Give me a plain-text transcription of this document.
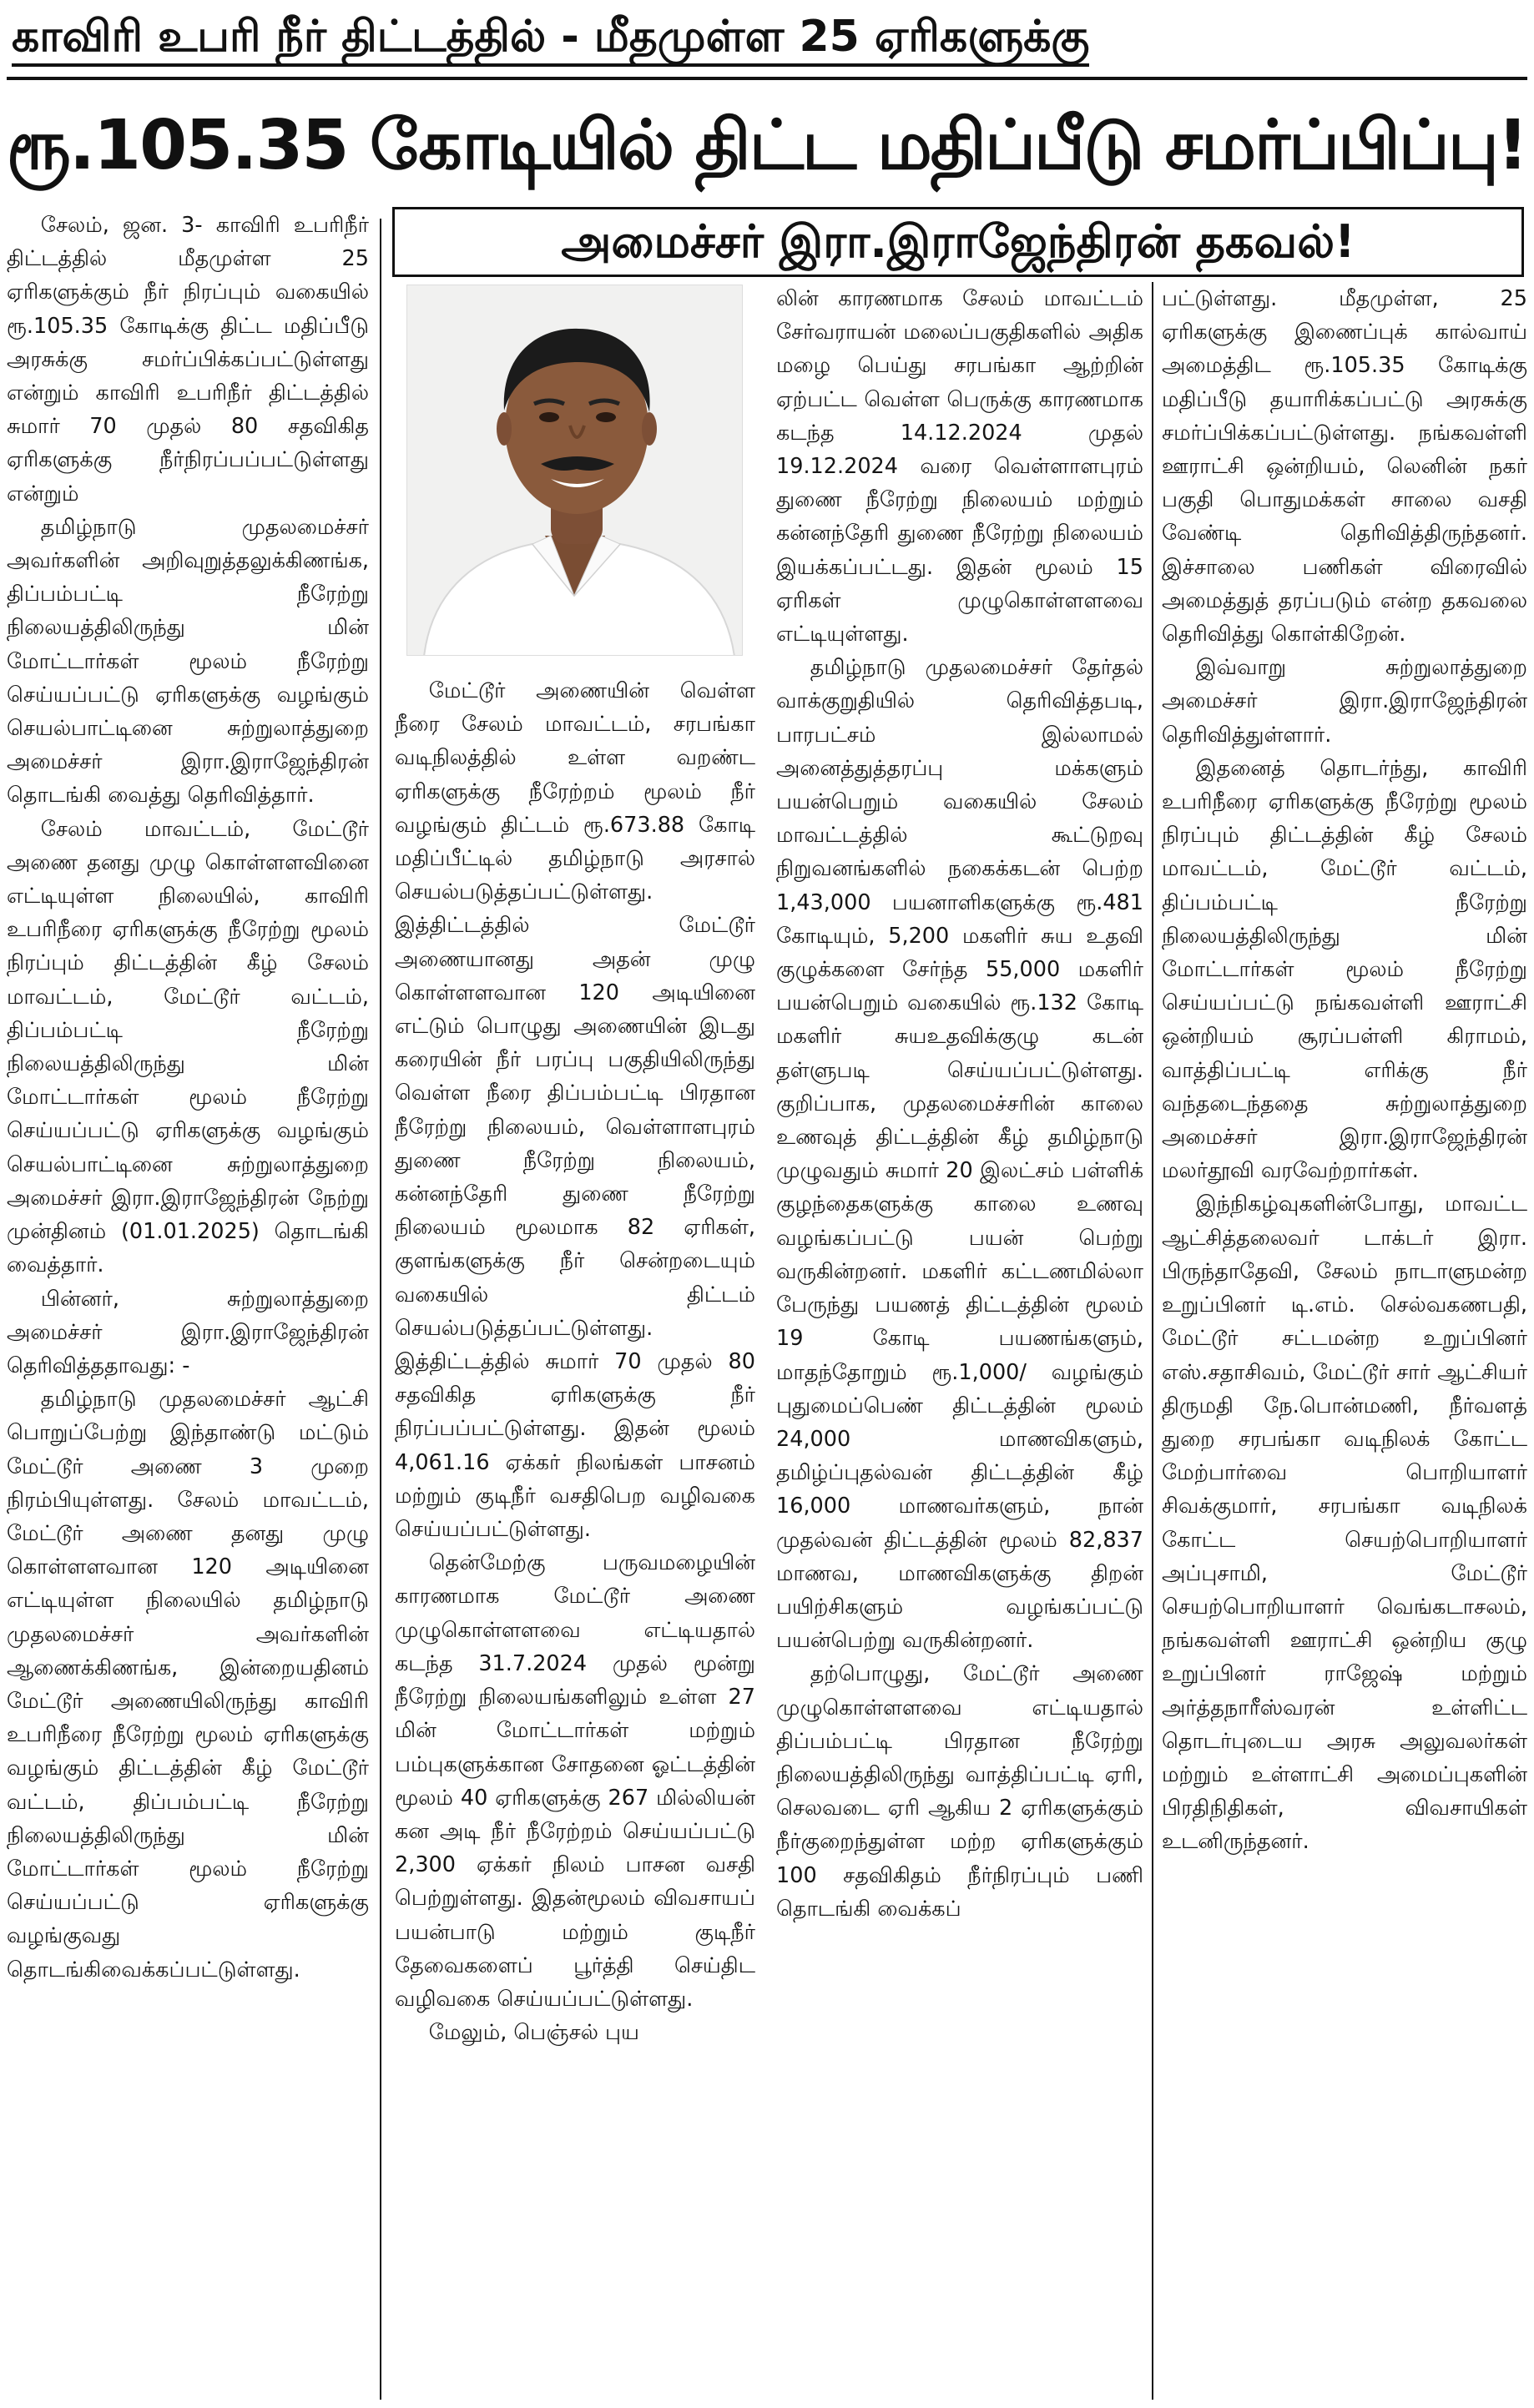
காவிரி உபரி நீர் திட்டத்தில் - மீதமுள்ள 25 ஏரிகளுக்கு
ரூ.105.35 கோடியில் திட்ட மதிப்பீடு சமர்ப்பிப்பு!
அமைச்சர் இரா.இராஜேந்திரன் தகவல்!

சேலம், ஜன. 3- காவிரி உபரிநீர் திட்டத்தில் மீதமுள்ள 25 ஏரிகளுக்கும் நீர் நிரப்பும் வகையில் ரூ.105.35 கோடிக்கு திட்ட மதிப்பீடு அரசுக்கு சமர்ப்பிக்கப்பட்டுள்ளது என்றும் காவிரி உபரிநீர் திட்டத்தில் சுமார் 70 முதல் 80 சதவிகித ஏரிகளுக்கு நீர்நிரப்பப்பட்டுள்ளது என்றும்

தமிழ்நாடு முதலமைச்சர் அவர்களின் அறிவுறுத்தலுக்கிணங்க, திப்பம்பட்டி நீரேற்று நிலையத்திலிருந்து மின் மோட்டார்கள் மூலம் நீரேற்று செய்யப்பட்டு ஏரிகளுக்கு வழங்கும் செயல்பாட்டினை சுற்றுலாத்துறை அமைச்சர் இரா.இராஜேந்திரன் தொடங்கி வைத்து தெரிவித்தார்.

சேலம் மாவட்டம், மேட்டூர் அணை தனது முழு கொள்ளளவினை எட்டியுள்ள நிலையில், காவிரி உபரிநீரை ஏரிகளுக்கு நீரேற்று மூலம் நிரப்பும் திட்டத்தின் கீழ் சேலம் மாவட்டம், மேட்டூர் வட்டம், திப்பம்பட்டி நீரேற்று நிலையத்திலிருந்து மின் மோட்டார்கள் மூலம் நீரேற்று செய்யப்பட்டு ஏரிகளுக்கு வழங்கும் செயல்பாட்டினை சுற்றுலாத்துறை அமைச்சர் இரா.இராஜேந்திரன் நேற்று முன்தினம் (01.01.2025) தொடங்கி வைத்தார்.

பின்னர், சுற்றுலாத்துறை அமைச்சர் இரா.இராஜேந்திரன் தெரிவித்ததாவது: -

தமிழ்நாடு முதலமைச்சர் ஆட்சி பொறுப்பேற்று இந்தாண்டு மட்டும் மேட்டூர் அணை 3 முறை நிரம்பியுள்ளது. சேலம் மாவட்டம், மேட்டூர் அணை தனது முழு கொள்ளளவான 120 அடியினை எட்டியுள்ள நிலையில் தமிழ்நாடு முதலமைச்சர் அவர்களின் ஆணைக்கிணங்க, இன்றையதினம் மேட்டூர் அணையிலிருந்து காவிரி உபரிநீரை நீரேற்று மூலம் ஏரிகளுக்கு வழங்கும் திட்டத்தின் கீழ் மேட்டூர் வட்டம், திப்பம்பட்டி நீரேற்று நிலையத்திலிருந்து மின் மோட்டார்கள் மூலம் நீரேற்று செய்யப்பட்டு ஏரிகளுக்கு வழங்குவது தொடங்கிவைக்கப்பட்டுள்ளது.

மேட்டூர் அணையின் வெள்ள நீரை சேலம் மாவட்டம், சரபங்கா வடிநிலத்தில் உள்ள வறண்ட ஏரிகளுக்கு நீரேற்றம் மூலம் நீர் வழங்கும் திட்டம் ரூ.673.88 கோடி மதிப்பீட்டில் தமிழ்நாடு அரசால் செயல்படுத்தப்பட்டுள்ளது. இத்திட்டத்தில் மேட்டூர் அணையானது அதன் முழு கொள்ளளவான 120 அடியினை எட்டும் பொழுது அணையின் இடது கரையின் நீர் பரப்பு பகுதியிலிருந்து வெள்ள நீரை திப்பம்பட்டி பிரதான நீரேற்று நிலையம், வெள்ளாளபுரம் துணை நீரேற்று நிலையம், கன்னந்தேரி துணை நீரேற்று நிலையம் மூலமாக 82 ஏரிகள், குளங்களுக்கு நீர் சென்றடையும் வகையில் திட்டம் செயல்படுத்தப்பட்டுள்ளது. இத்திட்டத்தில் சுமார் 70 முதல் 80 சதவிகித ஏரிகளுக்கு நீர் நிரப்பப்பட்டுள்ளது. இதன் மூலம் 4,061.16 ஏக்கர் நிலங்கள் பாசனம் மற்றும் குடிநீர் வசதிபெற வழிவகை செய்யப்பட்டுள்ளது.

தென்மேற்கு பருவமழையின் காரணமாக மேட்டூர் அணை முழுகொள்ளளவை எட்டியதால் கடந்த 31.7.2024 முதல் மூன்று நீரேற்று நிலையங்களிலும் உள்ள 27 மின் மோட்டார்கள் மற்றும் பம்புகளுக்கான சோதனை ஓட்டத்தின் மூலம் 40 ஏரிகளுக்கு 267 மில்லியன் கன அடி நீர் நீரேற்றம் செய்யப்பட்டு 2,300 ஏக்கர் நிலம் பாசன வசதி பெற்றுள்ளது. இதன்மூலம் விவசாயப் பயன்பாடு மற்றும் குடிநீர் தேவைகளைப் பூர்த்தி செய்திட வழிவகை செய்யப்பட்டுள்ளது.

மேலும், பெஞ்சல் புய

லின் காரணமாக சேலம் மாவட்டம் சேர்வராயன் மலைப்பகுதிகளில் அதிக மழை பெய்து சரபங்கா ஆற்றின் ஏற்பட்ட வெள்ள பெருக்கு காரணமாக கடந்த 14.12.2024 முதல் 19.12.2024 வரை வெள்ளாளபுரம் துணை நீரேற்று நிலையம் மற்றும் கன்னந்தேரி துணை நீரேற்று நிலையம் இயக்கப்பட்டது. இதன் மூலம் 15 ஏரிகள் முழுகொள்ளளவை எட்டியுள்ளது.

தமிழ்நாடு முதலமைச்சர் தேர்தல் வாக்குறுதியில் தெரிவித்தபடி, பாரபட்சம் இல்லாமல் அனைத்துத்தரப்பு மக்களும் பயன்பெறும் வகையில் சேலம் மாவட்டத்தில் கூட்டுறவு நிறுவனங்களில் நகைக்கடன் பெற்ற 1,43,000 பயனாளிகளுக்கு ரூ.481 கோடியும், 5,200 மகளிர் சுய உதவி குழுக்களை சேர்ந்த 55,000 மகளிர் பயன்பெறும் வகையில் ரூ.132 கோடி மகளிர் சுயஉதவிக்குழு கடன் தள்ளுபடி செய்யப்பட்டுள்ளது. குறிப்பாக, முதலமைச்சரின் காலை உணவுத் திட்டத்தின் கீழ் தமிழ்நாடு முழுவதும் சுமார் 20 இலட்சம் பள்ளிக் குழந்தைகளுக்கு காலை உணவு வழங்கப்பட்டு பயன் பெற்று வருகின்றனர். மகளிர் கட்டணமில்லா பேருந்து பயணத் திட்டத்தின் மூலம் 19 கோடி பயணங்களும், மாதந்தோறும் ரூ.1,000/ வழங்கும் புதுமைப்பெண் திட்டத்தின் மூலம் 24,000 மாணவிகளும், தமிழ்ப்புதல்வன் திட்டத்தின் கீழ் 16,000 மாணவர்களும், நான் முதல்வன் திட்டத்தின் மூலம் 82,837 மாணவ, மாணவிகளுக்கு திறன் பயிற்சிகளும் வழங்கப்பட்டு பயன்பெற்று வருகின்றனர்.

தற்பொழுது, மேட்டூர் அணை முழுகொள்ளளவை எட்டியதால் திப்பம்பட்டி பிரதான நீரேற்று நிலையத்திலிருந்து வாத்திப்பட்டி ஏரி, செலவடை ஏரி ஆகிய 2 ஏரிகளுக்கும் நீர்குறைந்துள்ள மற்ற ஏரிகளுக்கும் 100 சதவிகிதம் நீர்நிரப்பும் பணி தொடங்கி வைக்கப்

பட்டுள்ளது. மீதமுள்ள, 25 ஏரிகளுக்கு இணைப்புக் கால்வாய் அமைத்திட ரூ.105.35 கோடிக்கு மதிப்பீடு தயாரிக்கப்பட்டு அரசுக்கு சமர்ப்பிக்கப்பட்டுள்ளது. நங்கவள்ளி ஊராட்சி ஒன்றியம், லெனின் நகர் பகுதி பொதுமக்கள் சாலை வசதி வேண்டி தெரிவித்திருந்தனர். இச்சாலை பணிகள் விரைவில் அமைத்துத் தரப்படும் என்ற தகவலை தெரிவித்து கொள்கிறேன்.

இவ்வாறு சுற்றுலாத்துறை அமைச்சர் இரா.இராஜேந்திரன் தெரிவித்துள்ளார்.

இதனைத் தொடர்ந்து, காவிரி உபரிநீரை ஏரிகளுக்கு நீரேற்று மூலம் நிரப்பும் திட்டத்தின் கீழ் சேலம் மாவட்டம், மேட்டூர் வட்டம், திப்பம்பட்டி நீரேற்று நிலையத்திலிருந்து மின் மோட்டார்கள் மூலம் நீரேற்று செய்யப்பட்டு நங்கவள்ளி ஊராட்சி ஒன்றியம் சூரப்பள்ளி கிராமம், வாத்திப்பட்டி எரிக்கு நீர் வந்தடைந்ததை சுற்றுலாத்துறை அமைச்சர் இரா.இராஜேந்திரன் மலர்தூவி வரவேற்றார்கள்.

இந்நிகழ்வுகளின்போது, மாவட்ட ஆட்சித்தலைவர் டாக்டர் இரா. பிருந்தாதேவி, சேலம் நாடாளுமன்ற உறுப்பினர் டி.எம். செல்வகணபதி, மேட்டூர் சட்டமன்ற உறுப்பினர் எஸ்.சதாசிவம், மேட்டூர் சார் ஆட்சியர் திருமதி நே.பொன்மணி, நீர்வளத் துறை சரபங்கா வடிநிலக் கோட்ட மேற்பார்வை பொறியாளர் சிவக்குமார், சரபங்கா வடிநிலக் கோட்ட செயற்பொறியாளர் அப்புசாமி, மேட்டூர் செயற்பொறியாளர் வெங்கடாசலம், நங்கவள்ளி ஊராட்சி ஒன்றிய குழு உறுப்பினர் ராஜேஷ் மற்றும் அர்த்தநாரீஸ்வரன் உள்ளிட்ட தொடர்புடைய அரசு அலுவலர்கள் மற்றும் உள்ளாட்சி அமைப்புகளின் பிரதிநிதிகள், விவசாயிகள் உடனிருந்தனர்.
